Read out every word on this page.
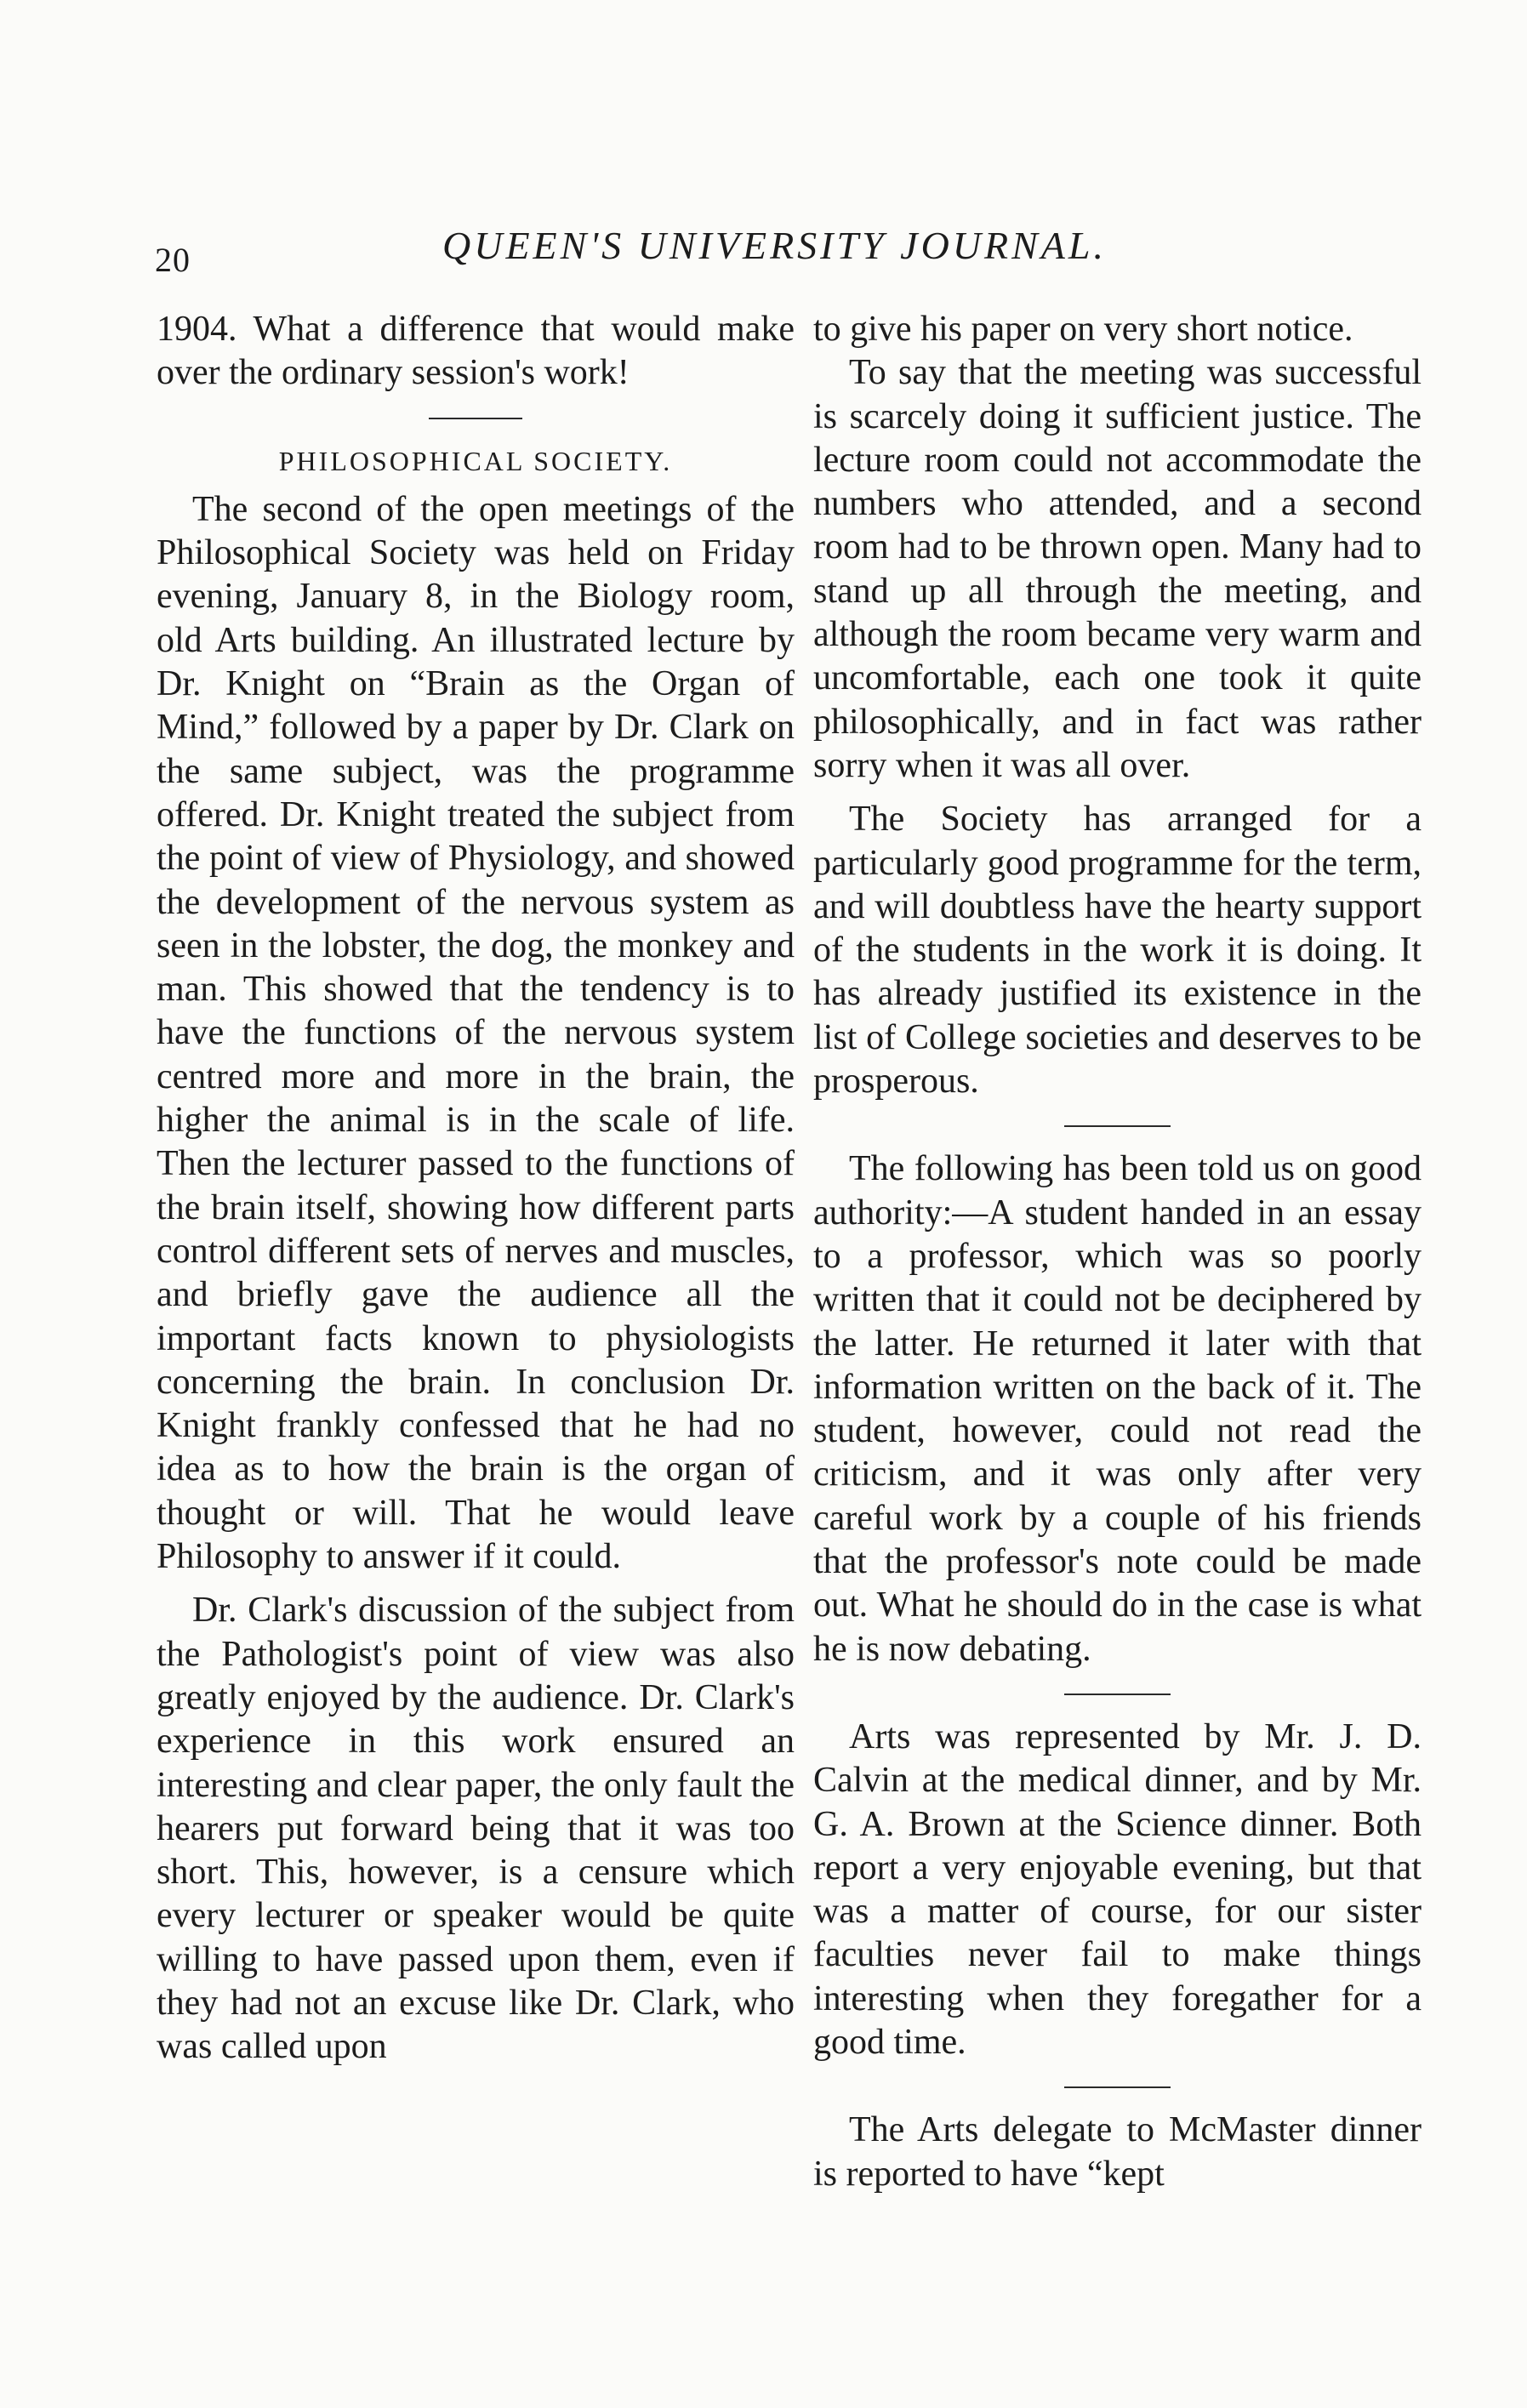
20	QUEEN'S UNIVERSITY JOURNAL.

1904. What a difference that would make over the ordinary session's work!

PHILOSOPHICAL SOCIETY.

The second of the open meetings of the Philosophical Society was held on Friday evening, January 8, in the Biology room, old Arts building. An illustrated lecture by Dr. Knight on “Brain as the Organ of Mind,” followed by a paper by Dr. Clark on the same subject, was the programme offered. Dr. Knight treated the subject from the point of view of Physiology, and showed the development of the nervous system as seen in the lobster, the dog, the monkey and man. This showed that the tendency is to have the functions of the nervous system centred more and more in the brain, the higher the animal is in the scale of life. Then the lecturer passed to the functions of the brain itself, showing how different parts control different sets of nerves and muscles, and briefly gave the audience all the important facts known to physiologists concerning the brain. In conclusion Dr. Knight frankly confessed that he had no idea as to how the brain is the organ of thought or will. That he would leave Philosophy to answer if it could.

Dr. Clark's discussion of the subject from the Pathologist's point of view was also greatly enjoyed by the audience. Dr. Clark's experience in this work ensured an interesting and clear paper, the only fault the hearers put forward being that it was too short. This, however, is a censure which every lecturer or speaker would be quite willing to have passed upon them, even if they had not an excuse like Dr. Clark, who was called upon

to give his paper on very short notice.

To say that the meeting was successful is scarcely doing it sufficient justice. The lecture room could not accommodate the numbers who attended, and a second room had to be thrown open. Many had to stand up all through the meeting, and although the room became very warm and uncomfortable, each one took it quite philosophically, and in fact was rather sorry when it was all over.

The Society has arranged for a particularly good programme for the term, and will doubtless have the hearty support of the students in the work it is doing. It has already justified its existence in the list of College societies and deserves to be prosperous.

The following has been told us on good authority:—A student handed in an essay to a professor, which was so poorly written that it could not be deciphered by the latter. He returned it later with that information written on the back of it. The student, however, could not read the criticism, and it was only after very careful work by a couple of his friends that the professor's note could be made out. What he should do in the case is what he is now debating.

Arts was represented by Mr. J. D. Calvin at the medical dinner, and by Mr. G. A. Brown at the Science dinner. Both report a very enjoyable evening, but that was a matter of course, for our sister faculties never fail to make things interesting when they foregather for a good time.

The Arts delegate to McMaster dinner is reported to have “kept
